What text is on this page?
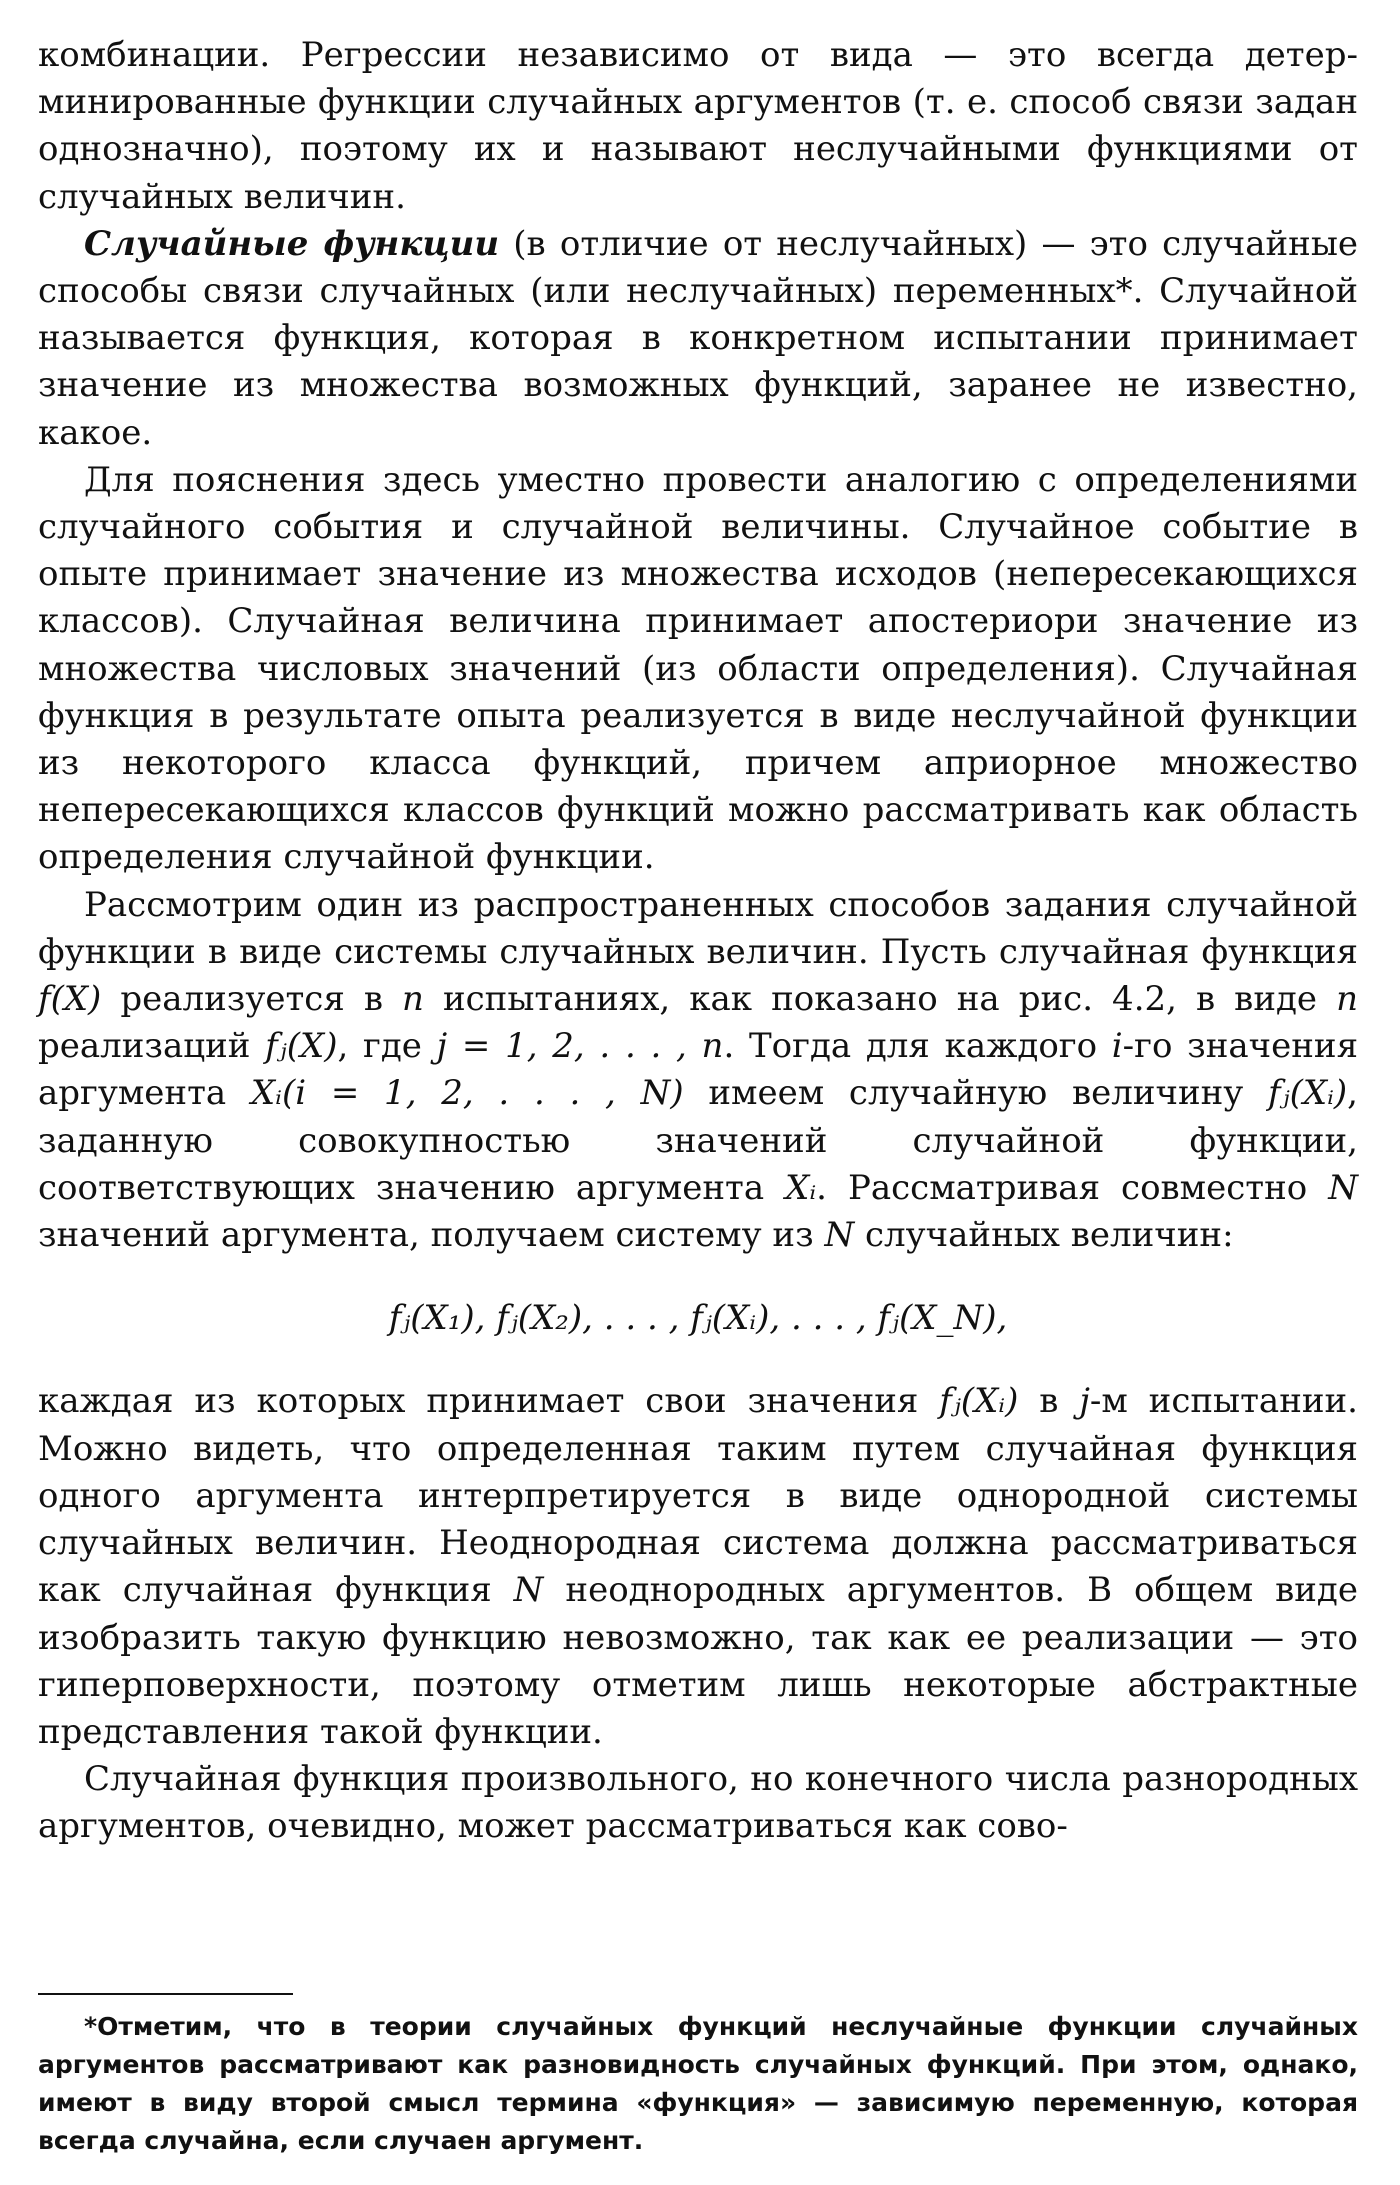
комбинации. Регрессии независимо от вида — это всегда детерминированные функции случайных аргументов (т. е. способ связи задан однозначно), поэтому их и называют неслучайными функциями от случайных величин.

Случайные функции (в отличие от неслучайных) — это случайные способы связи случайных (или неслучайных) переменных*. Случайной называется функция, которая в конкретном испытании принимает значение из множества возможных функций, заранее не известно, какое.

Для пояснения здесь уместно провести аналогию с определениями случайного события и случайной величины. Случайное событие в опыте принимает значение из множества исходов (непересекающихся классов). Случайная величина принимает апостериори значение из множества числовых значений (из области определения). Случайная функция в результате опыта реализуется в виде неслучайной функции из некоторого класса функций, причем априорное множество непересекающихся классов функций можно рассматривать как область определения случайной функции.

Рассмотрим один из распространенных способов задания случайной функции в виде системы случайных величин. Пусть случайная функция f(X) реализуется в n испытаниях, как показано на рис. 4.2, в виде n реализаций fⱼ(X), где j = 1, 2, . . . , n. Тогда для каждого i-го значения аргумента Xᵢ(i = 1, 2, . . . , N) имеем случайную величину fⱼ(Xᵢ), заданную совокупностью значений случайной функции, соответствующих значению аргумента Xᵢ. Рассматривая совместно N значений аргумента, получаем систему из N случайных величин:

fⱼ(X₁), fⱼ(X₂), . . . , fⱼ(Xᵢ), . . . , fⱼ(X_N),

каждая из которых принимает свои значения fⱼ(Xᵢ) в j-м испытании. Можно видеть, что определенная таким путем случайная функция одного аргумента интерпретируется в виде однородной системы случайных величин. Неоднородная система должна рассматриваться как случайная функция N неоднородных аргументов. В общем виде изобразить такую функцию невозможно, так как ее реализации — это гиперповерхности, поэтому отметим лишь некоторые абстрактные представления такой функции.

Случайная функция произвольного, но конечного числа разнородных аргументов, очевидно, может рассматриваться как сово-

*Отметим, что в теории случайных функций неслучайные функции случайных аргументов рассматривают как разновидность случайных функций. При этом, однако, имеют в виду второй смысл термина «функция» — зависимую переменную, которая всегда случайна, если случаен аргумент.
